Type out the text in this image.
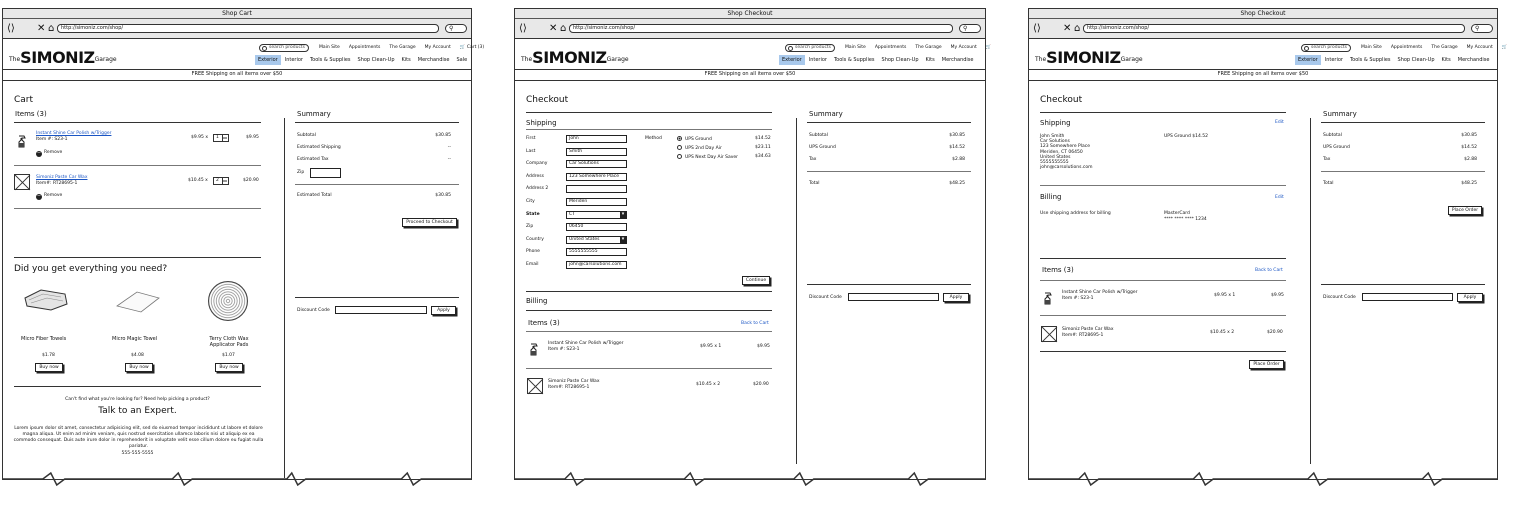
Shop Cart
⟨⟩ ✕ ⌂	http://simoniz.com/shop/	⚲
TheSIMONIZGarage
search products	Main Site Appointments The Garage My Account 🛒 Cart (3)
Exterior Interior Tools & Supplies Shop Clean-Up Kits Merchandise Sale
FREE Shipping on all items over $50
Cart
Items (3)
Instant Shine Car Polish w/Trigger
Item #: S23-1	$9.95 x	1	$9.95
− Remove
Simoniz Paste Car Wax
Item#: RT28695-1
$10.45 x	2	$20.90
− Remove
Did you get everything you need?
Micro Fiber Towels
$1.78
Buy now
Micro Magic Towel
$4.08
Buy now
Terry Cloth Wax Applicator Pads
$1.07
Buy now
Can't find what you're looking for? Need help picking a product?
Talk to an Expert.
Lorem ipsum dolor sit amet, consectetur adipisicing elit, sed do eiusmod tempor incididunt ut labore et dolore magna aliqua. Ut enim ad minim veniam, quis nostrud exercitation ullamco laboris nisi ut aliquip ex ea commodo consequat. Duis aute irure dolor in reprehenderit in voluptate velit esse cillum dolore eu fugiat nulla pariatur.
555-555-5555
Summary
Subtotal	$30.85
Estimated Shipping	--
Estimated Tax	--
Zip
Estimated Total	$30.85
Proceed to Checkout
Discount Code	Apply
Shop Checkout
⟨⟩ ✕ ⌂	http://simoniz.com/shop/	⚲
TheSIMONIZGarage
search products	Main Site Appointments The Garage My Account 🛒
Exterior Interior Tools & Supplies Shop Clean-Up Kits Merchandise
FREE Shipping on all items over $50
Checkout
Shipping
First	John
Last	Smith
Company	Car Solutions
Address	123 Somewhere Place
Address 2
City	Meriden
State	CT ▾
Zip	06450
Country	United States ▾
Phone	5555555555
Email	john@carsolutions.com
Method	UPS Ground	$14.52
UPS 2nd Day Air	$23.11
UPS Next Day Air Saver	$34.63
Continue
Billing
Items (3)	Back to Cart
Instant Shine Car Polish w/Trigger
Item #: S23-1
$9.95 x 1	$9.95
Simoniz Paste Car Wax
Item#: RT28695-1
$10.45 x 2	$20.90
Summary
Subtotal	$30.85
UPS Ground	$14.52
Tax	$2.88
Total	$48.25
Discount Code	Apply
Shop Checkout
⟨⟩ ✕ ⌂	http://simoniz.com/shop/	⚲
TheSIMONIZGarage
search products	Main Site Appointments The Garage My Account 🛒
Exterior Interior Tools & Supplies Shop Clean-Up Kits Merchandise
FREE Shipping on all items over $50
Checkout
Shipping	Edit
John Smith
Car Solutions
123 Somewhere Place
Meriden, CT 06450
United States
5555555555
john@carsolutions.com
UPS Ground $14.52
Billing	Edit
Use shipping address for billing	MasterCard
**** **** **** 1234
Items (3)	Back to Cart
Instant Shine Car Polish w/Trigger
Item #: S23-1
$9.95 x 1	$9.95
Simoniz Paste Car Wax
Item#: RT28695-1
$10.45 x 2	$20.90
Place Order
Summary
Subtotal	$30.85
UPS Ground	$14.52
Tax	$2.88
Total	$48.25
Place Order
Discount Code	Apply
